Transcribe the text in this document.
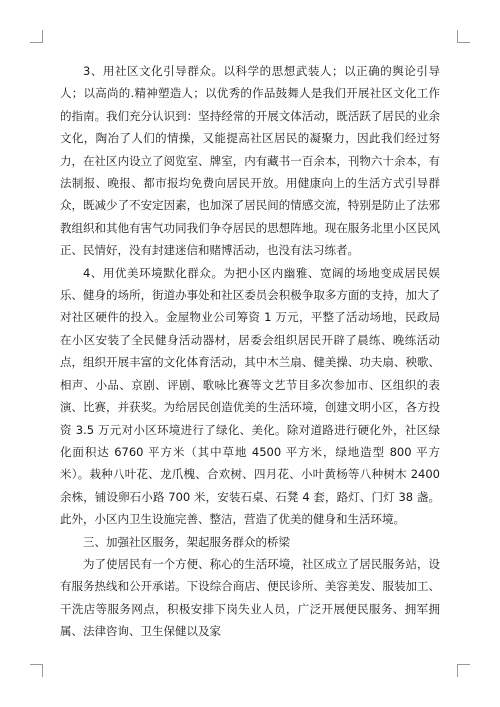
3、用社区文化引导群众。以科学的思想武装人；以正确的舆论引导人；以高尚的.精神塑造人；以优秀的作品鼓舞人是我们开展社区文化工作的指南。我们充分认识到：坚持经常的开展文体活动，既活跃了居民的业余文化，陶冶了人们的情操，又能提高社区居民的凝聚力，因此我们经过努力，在社区内设立了阅览室、牌室，内有藏书一百余本，刊物六十余本，有法制报、晚报、都市报均免费向居民开放。用健康向上的生活方式引导群众，既减少了不安定因素，也加深了居民间的情感交流，特别是防止了法邪教组织和其他有害气功同我们争夺居民的思想阵地。现在服务北里小区民风正、民情好，没有封建迷信和赌博活动，也没有法习练者。

4、用优美环境默化群众。为把小区内幽雅、宽阔的场地变成居民娱乐、健身的场所，街道办事处和社区委员会积极争取多方面的支持，加大了对社区硬件的投入。金屋物业公司筹资 1 万元，平整了活动场地，民政局在小区安装了全民健身活动器材，居委会组织居民开辟了晨练、晚练活动点，组织开展丰富的文化体育活动，其中木兰扇、健美操、功夫扇、秧歌、相声、小品、京剧、评剧、歌咏比赛等文艺节目多次参加市、区组织的表演、比赛，并获奖。为给居民创造优美的生活环境，创建文明小区，各方投资 3.5 万元对小区环境进行了绿化、美化。除对道路进行硬化外，社区绿化面积达 6760 平方米（其中草地 4500 平方米，绿地造型 800 平方米）。栽种八叶花、龙爪槐、合欢树、四月花、小叶黄杨等八种树木 2400 余株，铺设卵石小路 700 米，安装石桌、石凳 4 套，路灯、门灯 38 盏。此外，小区内卫生设施完善、整洁，营造了优美的健身和生活环境。

三、加强社区服务，架起服务群众的桥梁

为了使居民有一个方便、称心的生活环境，社区成立了居民服务站，设有服务热线和公开承诺。下设综合商店、便民诊所、美容美发、服装加工、干洗店等服务网点，积极安排下岗失业人员，广泛开展便民服务、拥军拥属、法律咨询、卫生保健以及家
